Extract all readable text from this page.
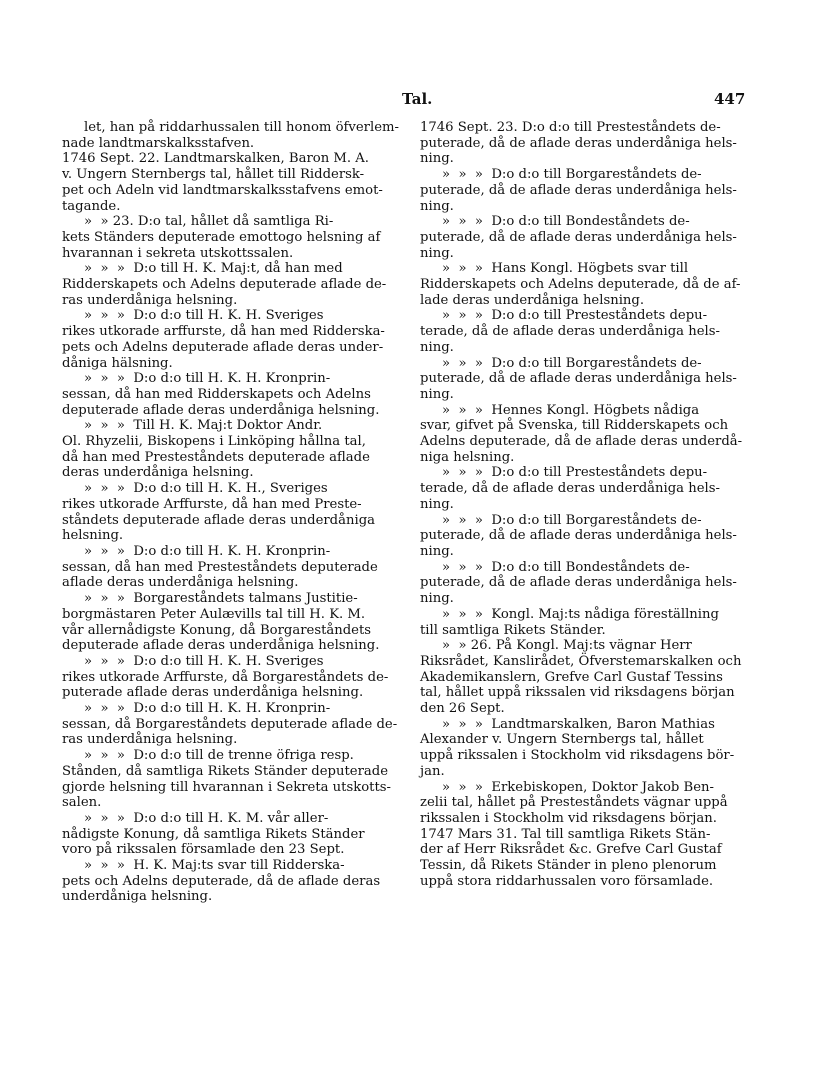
Tal.	447
let, han på riddarhussalen till honom öfverlem-
nade landtmarskalksstafven.
1746 Sept. 22. Landtmarskalken, Baron M. A.
v. Ungern Sternbergs tal, hållet till Riddersk-
pet och Adeln vid landtmarskalksstafvens emot-
tagande.
»  » 23. D:o tal, hållet då samtliga Ri-
kets Ständers deputerade emottogo helsning af
hvarannan i sekreta utskottssalen.
»  »  »  D:o till H. K. Maj:t, då han med
Ridderskapets och Adelns deputerade aflade de-
ras underdåniga helsning.
»  »  »  D:o d:o till H. K. H. Sveriges
rikes utkorade arffurste, då han med Ridderska-
pets och Adelns deputerade aflade deras under-
dåniga hälsning.
»  »  »  D:o d:o till H. K. H. Kronprin-
sessan, då han med Ridderskapets och Adelns
deputerade aflade deras underdåniga helsning.
»  »  »  Till H. K. Maj:t Doktor Andr.
Ol. Rhyzelii, Biskopens i Linköping hållna tal,
då han med Presteståndets deputerade aflade
deras underdåniga helsning.
»  »  »  D:o d:o till H. K. H., Sveriges
rikes utkorade Arffurste, då han med Preste-
ståndets deputerade aflade deras underdåniga
helsning.
»  »  »  D:o d:o till H. K. H. Kronprin-
sessan, då han med Presteståndets deputerade
aflade deras underdåniga helsning.
»  »  »  Borgareståndets talmans Justitie-
borgmästaren Peter Aulævills tal till H. K. M.
vår allernådigste Konung, då Borgareståndets
deputerade aflade deras underdåniga helsning.
»  »  »  D:o d:o till H. K. H. Sveriges
rikes utkorade Arffurste, då Borgareståndets de-
puterade aflade deras underdåniga helsning.
»  »  »  D:o d:o till H. K. H. Kronprin-
sessan, då Borgareståndets deputerade aflade de-
ras underdåniga helsning.
»  »  »  D:o d:o till de trenne öfriga resp.
Stånden, då samtliga Rikets Ständer deputerade
gjorde helsning till hvarannan i Sekreta utskotts-
salen.
»  »  »  D:o d:o till H. K. M. vår aller-
nådigste Konung, då samtliga Rikets Ständer
voro på rikssalen församlade den 23 Sept.
»  »  »  H. K. Maj:ts svar till Ridderska-
pets och Adelns deputerade, då de aflade deras
underdåniga helsning.
1746 Sept. 23. D:o d:o till Presteståndets de-
puterade, då de aflade deras underdåniga hels-
ning.
»  »  »  D:o d:o till Borgareståndets de-
puterade, då de aflade deras underdåniga hels-
ning.
»  »  »  D:o d:o till Bondeståndets de-
puterade, då de aflade deras underdåniga hels-
ning.
»  »  »  Hans Kongl. Högbets svar till
Ridderskapets och Adelns deputerade, då de af-
lade deras underdåniga helsning.
»  »  »  D:o d:o till Presteståndets depu-
terade, då de aflade deras underdåniga hels-
ning.
»  »  »  D:o d:o till Borgareståndets de-
puterade, då de aflade deras underdåniga hels-
ning.
»  »  »  Hennes Kongl. Högbets nådiga
svar, gifvet på Svenska, till Ridderskapets och
Adelns deputerade, då de aflade deras underdå-
niga helsning.
»  »  »  D:o d:o till Presteståndets depu-
terade, då de aflade deras underdåniga hels-
ning.
»  »  »  D:o d:o till Borgareståndets de-
puterade, då de aflade deras underdåniga hels-
ning.
»  »  »  D:o d:o till Bondeståndets de-
puterade, då de aflade deras underdåniga hels-
ning.
»  »  »  Kongl. Maj:ts nådiga föreställning
till samtliga Rikets Ständer.
»  » 26. På Kongl. Maj:ts vägnar Herr
Riksrådet, Kanslirådet, Öfverstemarskalken och
Akademikanslern, Grefve Carl Gustaf Tessins
tal, hållet uppå rikssalen vid riksdagens början
den 26 Sept.
»  »  »  Landtmarskalken, Baron Mathias
Alexander v. Ungern Sternbergs tal, hållet
uppå rikssalen i Stockholm vid riksdagens bör-
jan.
»  »  »  Erkebiskopen, Doktor Jakob Ben-
zelii tal, hållet på Presteståndets vägnar uppå
rikssalen i Stockholm vid riksdagens början.
1747 Mars 31. Tal till samtliga Rikets Stän-
der af Herr Riksrådet &c. Grefve Carl Gustaf
Tessin, då Rikets Ständer in pleno plenorum
uppå stora riddarhussalen voro församlade.
